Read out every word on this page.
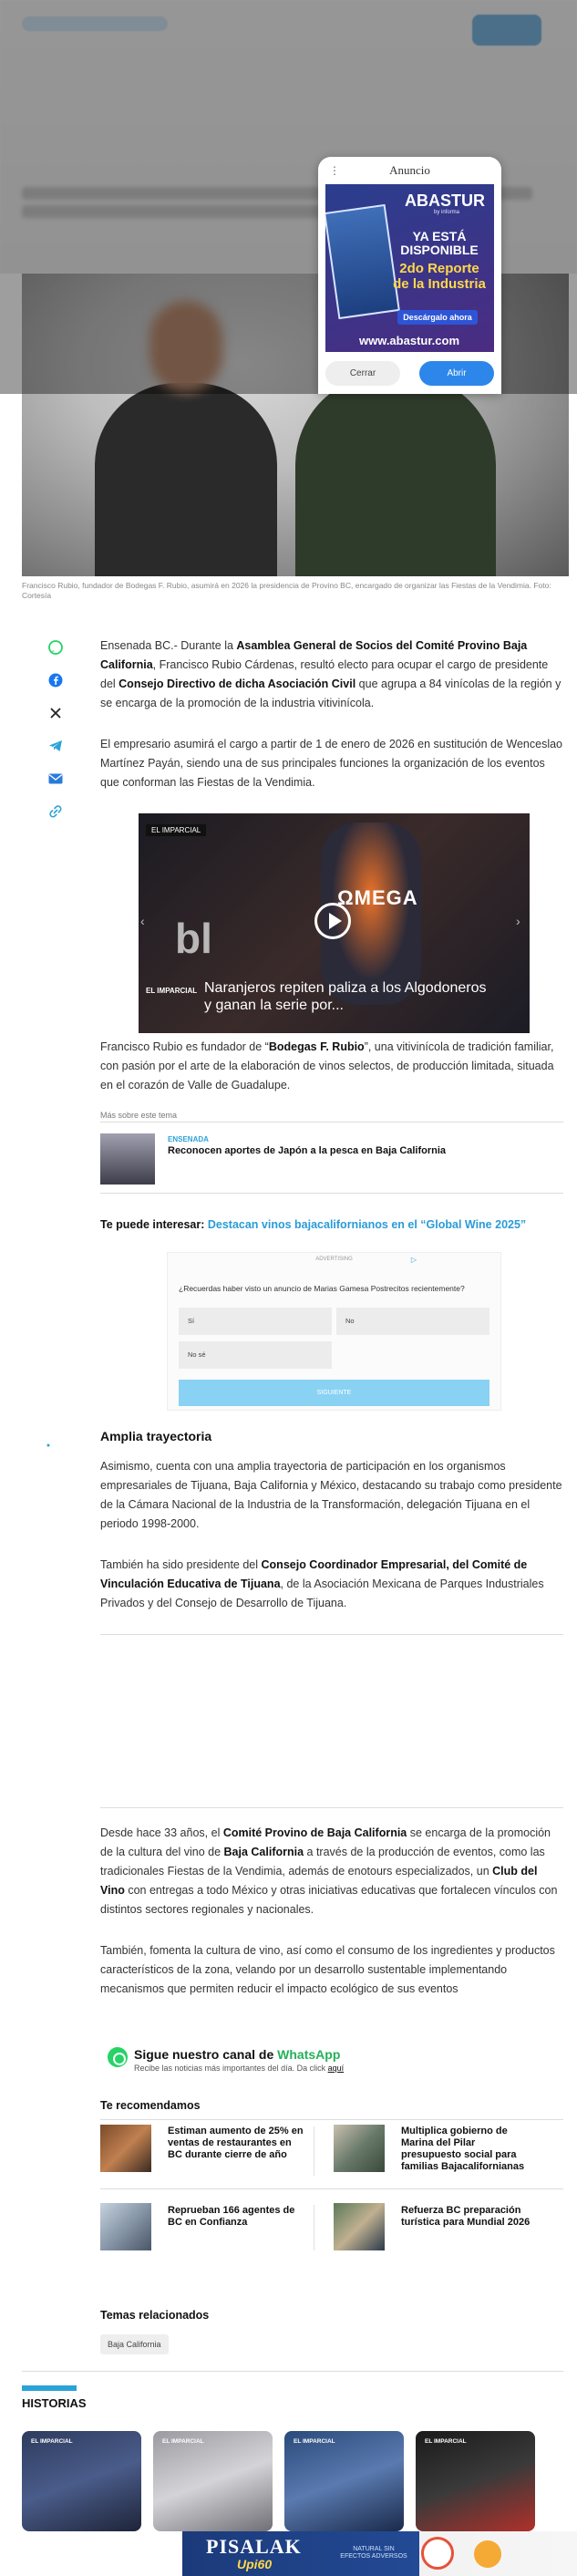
Francisco Rubio, fundador de Bodegas F. Rubio, asumirá en 2026 la presidencia de Provino BC, encargado de organizar las Fiestas de la Vendimia. Foto: Cortesía
⋮	Anuncio
ABASTUR
by informa
YA ESTÁ DISPONIBLE
2do Reporte de la Industria
Descárgalo ahora
www.abastur.com
Cerrar	Abrir

Ensenada BC.- Durante la Asamblea General de Socios del Comité Provino Baja California, Francisco Rubio Cárdenas, resultó electo para ocupar el cargo de presidente del Consejo Directivo de dicha Asociación Civil que agrupa a 84 vinícolas de la región y se encarga de la promoción de la industria vitivinícola.

El empresario asumirá el cargo a partir de 1 de enero de 2026 en sustitución de Wenceslao Martínez Payán, siendo una de sus principales funciones la organización de los eventos que conforman las Fiestas de la Vendimia.

bl
ΩMEGA
EL IMPARCIAL
EL IMPARCIAL
‹	›
Naranjeros repiten paliza a los Algodoneros y ganan la serie por...

Francisco Rubio es fundador de “Bodegas F. Rubio”, una vitivinícola de tradición familiar, con pasión por el arte de la elaboración de vinos selectos, de producción limitada, situada en el corazón de Valle de Guadalupe.

Más sobre este tema
ENSENADA
Reconocen aportes de Japón a la pesca en Baja California
Te puede interesar: Destacan vinos bajacalifornianos en el “Global Wine 2025”
ADVERTISING	▷
¿Recuerdas haber visto un anuncio de Marias Gamesa Postrecitos recientemente?
Sí	No
No sé
SIGUIENTE
Amplia trayectoria

Asimismo, cuenta con una amplia trayectoria de participación en los organismos empresariales de Tijuana, Baja California y México, destacando su trabajo como presidente de la Cámara Nacional de la Industria de la Transformación, delegación Tijuana en el periodo 1998-2000.

También ha sido presidente del Consejo Coordinador Empresarial, del Comité de Vinculación Educativa de Tijuana, de la Asociación Mexicana de Parques Industriales Privados y del Consejo de Desarrollo de Tijuana.

Desde hace 33 años, el Comité Provino de Baja California se encarga de la promoción de la cultura del vino de Baja California a través de la producción de eventos, como las tradicionales Fiestas de la Vendimia, además de enotours especializados, un Club del Vino con entregas a todo México y otras iniciativas educativas que fortalecen vínculos con distintos sectores regionales y nacionales.

También, fomenta la cultura de vino, así como el consumo de los ingredientes y productos característicos de la zona, velando por un desarrollo sustentable implementando mecanismos que permiten reducir el impacto ecológico de sus eventos

Sigue nuestro canal de WhatsApp
Recibe las noticias más importantes del día. Da click aquí
Te recomendamos
Estiman aumento de 25% en ventas de restaurantes en BC durante cierre de año
Multiplica gobierno de Marina del Pilar presupuesto social para familias Bajacalifornianas
Reprueban 166 agentes de BC en Confianza
Refuerza BC preparación turística para Mundial 2026
Temas relacionados
Baja California
HISTORIAS
EL IMPARCIAL	EL IMPARCIAL	EL IMPARCIAL	EL IMPARCIAL
PISALAK
Upi60
NATURAL SIN EFECTOS ADVERSOS
